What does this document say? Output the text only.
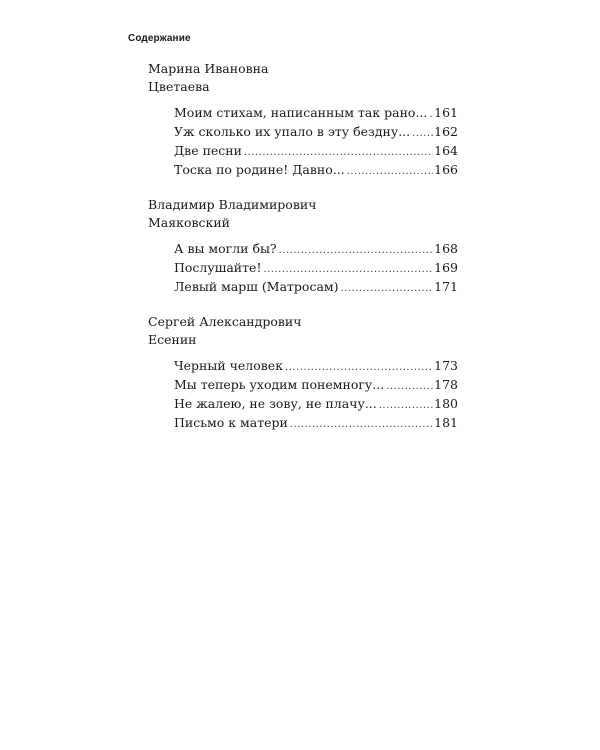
Содержание
Марина Ивановна
Цветаева
Моим стихам, написанным так рано... ..... 161
Уж сколько их упало в эту бездну... ..... 162
Две песни .....	164
Тоска по родине! Давно... .....	166
Владимир Владимирович
Маяковский
А вы могли бы? .....	168
Послушайте! .....	169
Левый марш (Матросам) .....	171
Сергей Александрович
Есенин
Черный человек .....	173
Мы теперь уходим понемногу... .....	178
Не жалею, не зову, не плачу... .....	180
Письмо к матери .....	181
